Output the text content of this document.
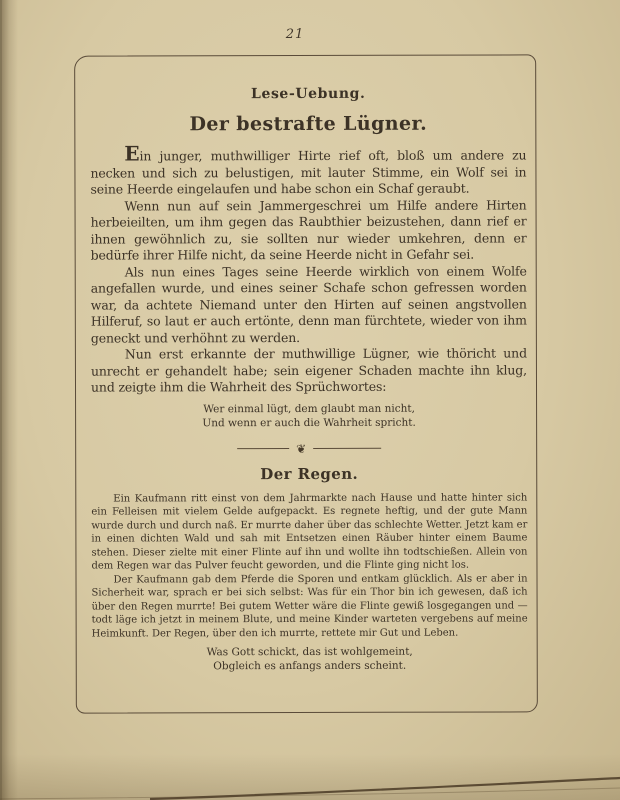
21

Lese-Uebung.

Der bestrafte Lügner.
Ein junger, muthwilliger Hirte rief oft, bloß um andere zu necken und sich zu belustigen, mit lauter Stimme, ein Wolf sei in seine Heerde eingelaufen und habe schon ein Schaf geraubt.
Wenn nun auf sein Jammergeschrei um Hilfe andere Hirten herbeieilten, um ihm gegen das Raubthier beizustehen, dann rief er ihnen gewöhnlich zu, sie sollten nur wieder umkehren, denn er bedürfe ihrer Hilfe nicht, da seine Heerde nicht in Gefahr sei.
Als nun eines Tages seine Heerde wirklich von einem Wolfe angefallen wurde, und eines seiner Schafe schon gefressen worden war, da achtete Niemand unter den Hirten auf seinen angstvollen Hilferuf, so laut er auch ertönte, denn man fürchtete, wieder von ihm geneckt und verhöhnt zu werden.
Nun erst erkannte der muthwillige Lügner, wie thöricht und unrecht er gehandelt habe; sein eigener Schaden machte ihn klug, und zeigte ihm die Wahrheit des Sprüchwortes:
Wer einmal lügt, dem glaubt man nicht,
Und wenn er auch die Wahrheit spricht.
❦
Der Regen.
Ein Kaufmann ritt einst von dem Jahrmarkte nach Hause und hatte hinter sich ein Felleisen mit vielem Gelde aufgepackt. Es regnete heftig, und der gute Mann wurde durch und durch naß. Er murrte daher über das schlechte Wetter. Jetzt kam er in einen dichten Wald und sah mit Entsetzen einen Räuber hinter einem Baume stehen. Dieser zielte mit einer Flinte auf ihn und wollte ihn todtschießen. Allein von dem Regen war das Pulver feucht geworden, und die Flinte ging nicht los.
Der Kaufmann gab dem Pferde die Sporen und entkam glücklich. Als er aber in Sicherheit war, sprach er bei sich selbst: Was für ein Thor bin ich gewesen, daß ich über den Regen murrte! Bei gutem Wetter wäre die Flinte gewiß losgegangen und — todt läge ich jetzt in meinem Blute, und meine Kinder warteten vergebens auf meine Heimkunft. Der Regen, über den ich murrte, rettete mir Gut und Leben.
Was Gott schickt, das ist wohlgemeint,
Obgleich es anfangs anders scheint.
